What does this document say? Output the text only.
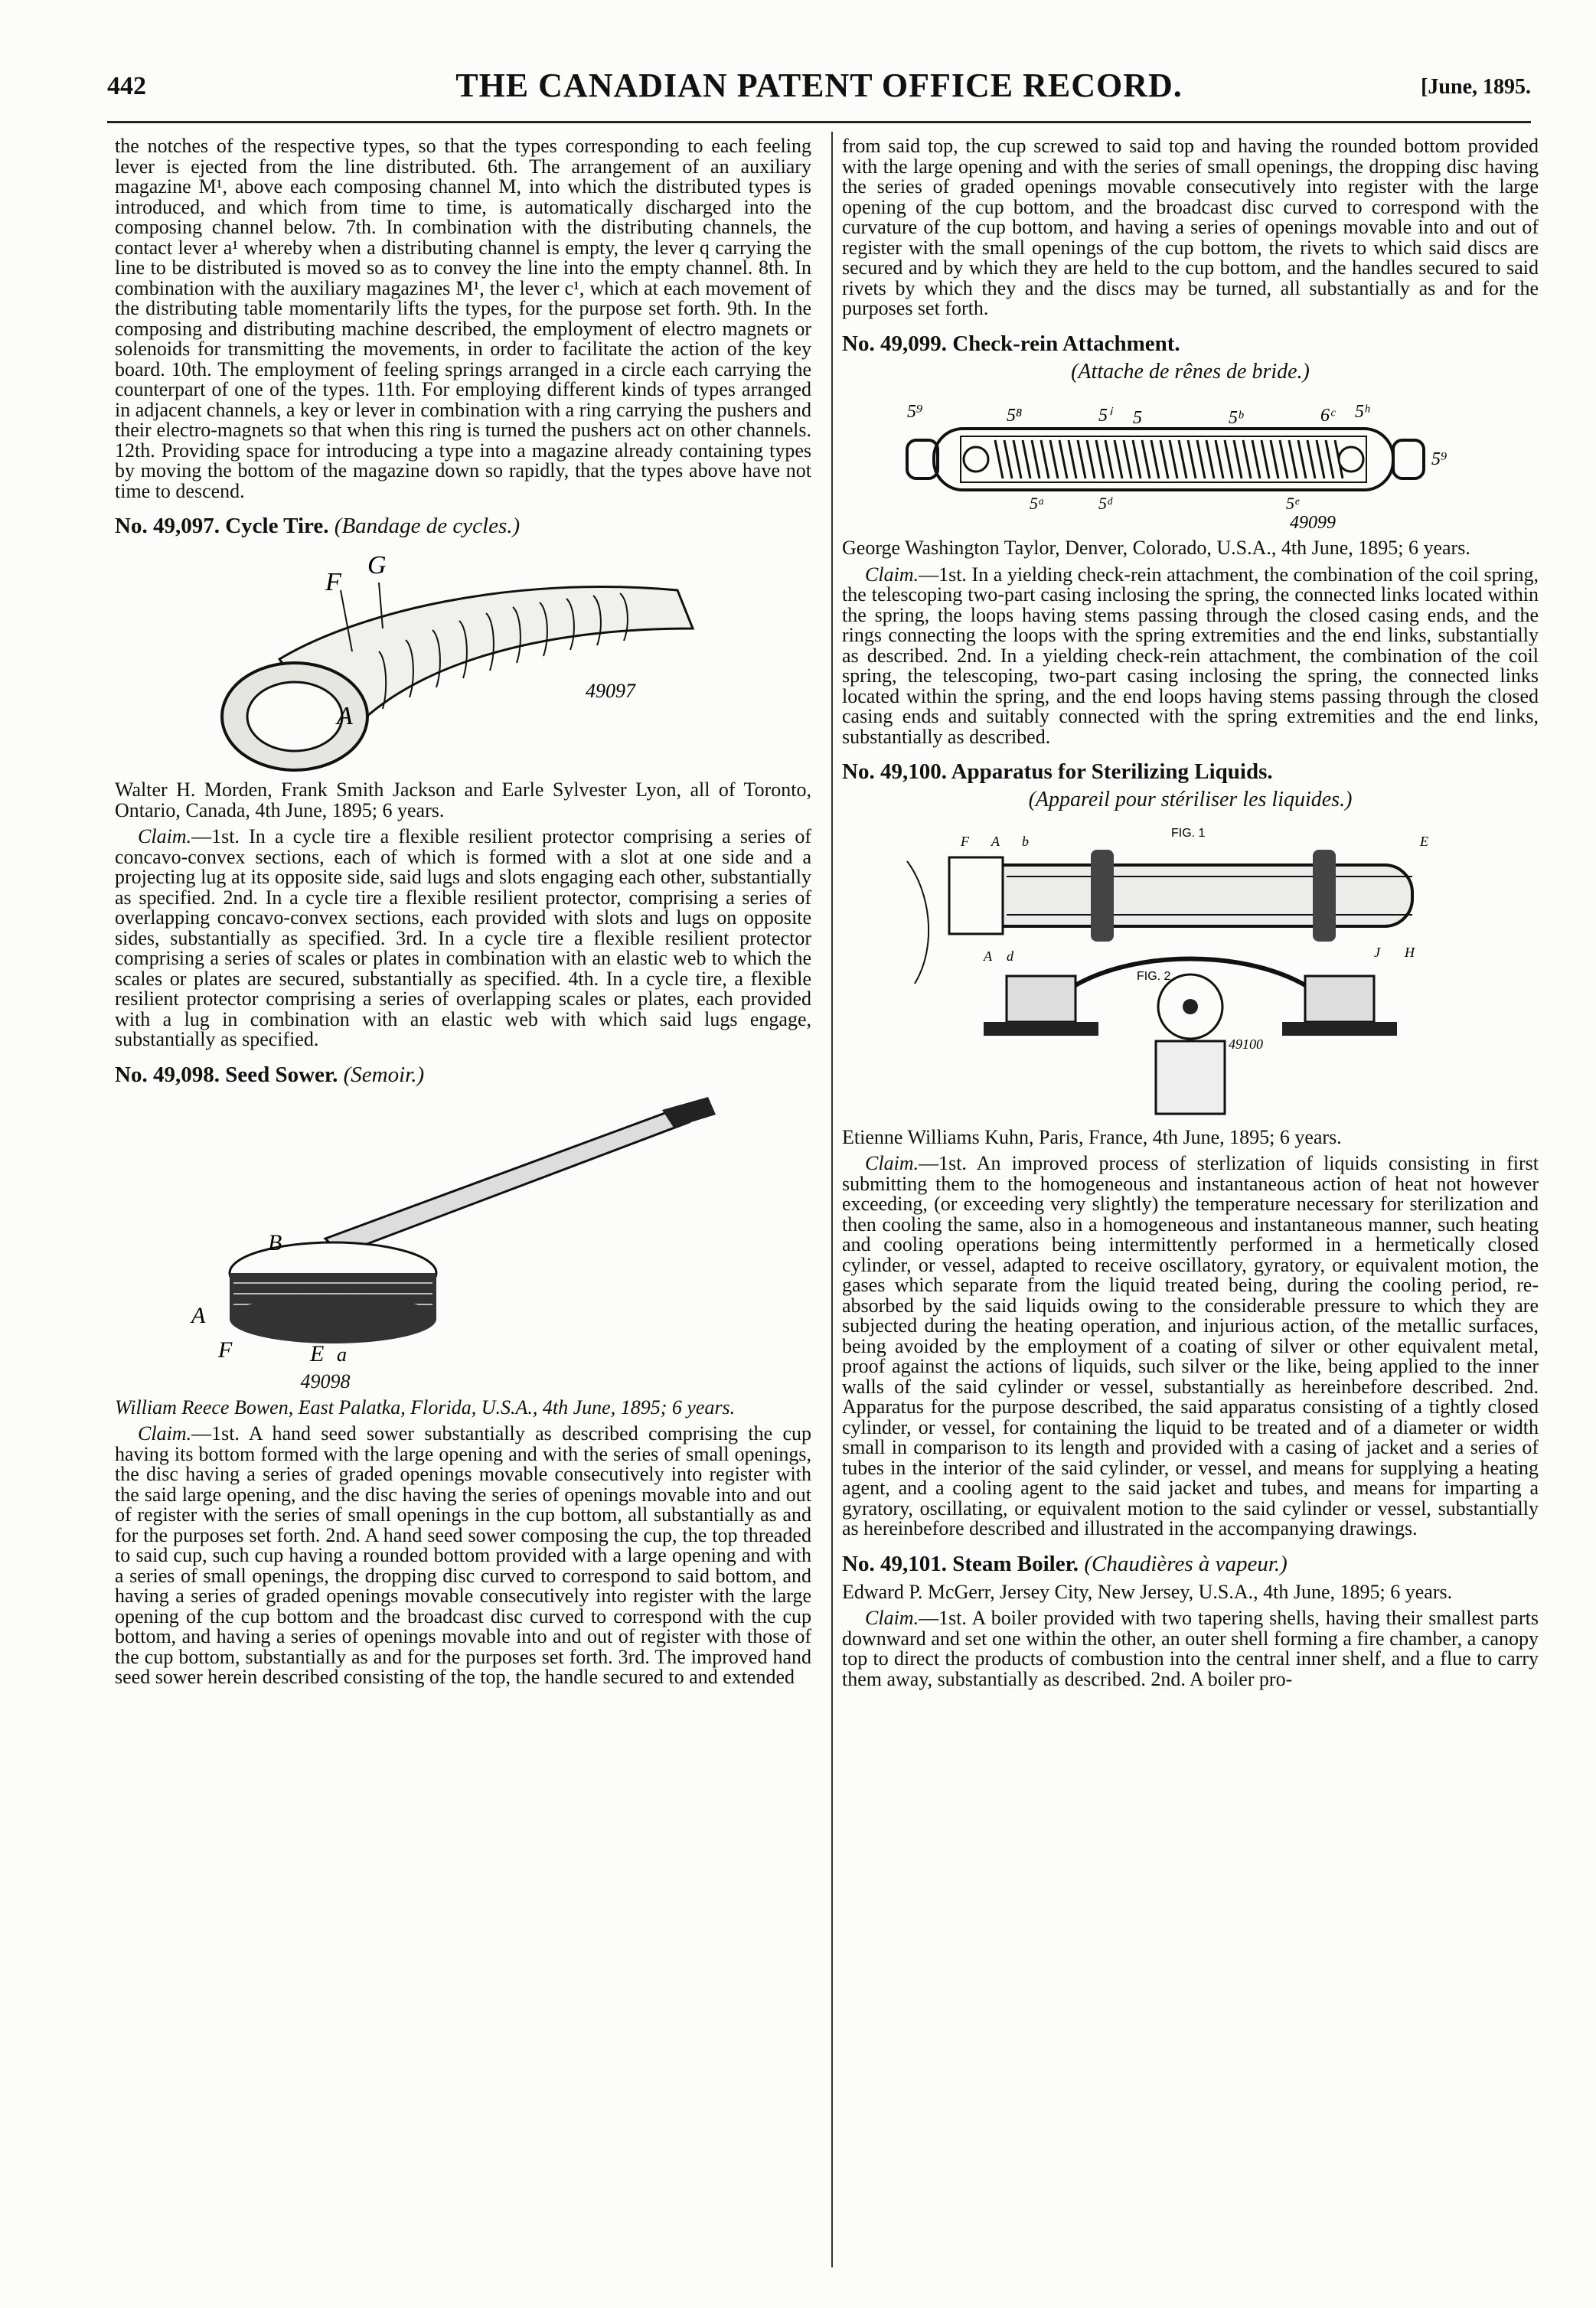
442	THE CANADIAN PATENT OFFICE RECORD.	[June, 1895.

the notches of the respective types, so that the types corresponding to each feeling lever is ejected from the line distributed. 6th. The arrangement of an auxiliary magazine M¹, above each composing channel M, into which the distributed types is introduced, and which from time to time, is automatically discharged into the composing channel below. 7th. In combination with the distributing channels, the contact lever a¹ whereby when a distributing channel is empty, the lever q carrying the line to be distributed is moved so as to convey the line into the empty channel. 8th. In combination with the auxiliary magazines M¹, the lever c¹, which at each movement of the distributing table momentarily lifts the types, for the purpose set forth. 9th. In the composing and distributing machine described, the employment of electro magnets or solenoids for transmitting the movements, in order to facilitate the action of the key board. 10th. The employment of feeling springs arranged in a circle each carrying the counterpart of one of the types. 11th. For employing different kinds of types arranged in adjacent channels, a key or lever in combination with a ring carrying the pushers and their electro-magnets so that when this ring is turned the pushers act on other channels. 12th. Providing space for introducing a type into a magazine already containing types by moving the bottom of the magazine down so rapidly, that the types above have not time to descend.

No. 49,097. Cycle Tire. (Bandage de cycles.)
F
G
A
49097

Walter H. Morden, Frank Smith Jackson and Earle Sylvester Lyon, all of Toronto, Ontario, Canada, 4th June, 1895; 6 years.

Claim.—1st. In a cycle tire a flexible resilient protector comprising a series of concavo-convex sections, each of which is formed with a slot at one side and a projecting lug at its opposite side, said lugs and slots engaging each other, substantially as specified. 2nd. In a cycle tire a flexible resilient protector, comprising a series of overlapping concavo-convex sections, each provided with slots and lugs on opposite sides, substantially as specified. 3rd. In a cycle tire a flexible resilient protector comprising a series of scales or plates in combination with an elastic web to which the scales or plates are secured, substantially as specified. 4th. In a cycle tire, a flexible resilient protector comprising a series of overlapping scales or plates, each provided with a lug in combination with an elastic web with which said lugs engage, substantially as specified.

No. 49,098. Seed Sower. (Semoir.)
B
A
F	E a
49098

William Reece Bowen, East Palatka, Florida, U.S.A., 4th June, 1895; 6 years.

Claim.—1st. A hand seed sower substantially as described comprising the cup having its bottom formed with the large opening and with the series of small openings, the disc having a series of graded openings movable consecutively into register with the said large opening, and the disc having the series of openings movable into and out of register with the series of small openings in the cup bottom, all substantially as and for the purposes set forth. 2nd. A hand seed sower composing the cup, the top threaded to said cup, such cup having a rounded bottom provided with a large opening and with a series of small openings, the dropping disc curved to correspond to said bottom, and having a series of graded openings movable consecutively into register with the large opening of the cup bottom and the broadcast disc curved to correspond with the cup bottom, and having a series of openings movable into and out of register with those of the cup bottom, substantially as and for the purposes set forth. 3rd. The improved hand seed sower herein described consisting of the top, the handle secured to and extended

from said top, the cup screwed to said top and having the rounded bottom provided with the large opening and with the series of small openings, the dropping disc having the series of graded openings movable consecutively into register with the large opening of the cup bottom, and the broadcast disc curved to correspond with the curvature of the cup bottom, and having a series of openings movable into and out of register with the small openings of the cup bottom, the rivets to which said discs are secured and by which they are held to the cup bottom, and the handles secured to said rivets by which they and the discs may be turned, all substantially as and for the purposes set forth.

No. 49,099. Check-rein Attachment.

(Attache de rênes de bride.)

5⁹	5⁸	5ⁱ 5	5ᵇ	6ᶜ 5ʰ
5⁹
5ᵃ	5ᵈ	5ᵉ
49099

George Washington Taylor, Denver, Colorado, U.S.A., 4th June, 1895; 6 years.

Claim.—1st. In a yielding check-rein attachment, the combination of the coil spring, the telescoping two-part casing inclosing the spring, the connected links located within the spring, the loops having stems passing through the closed casing ends, and the rings connecting the loops with the spring extremities and the end links, substantially as described. 2nd. In a yielding check-rein attachment, the combination of the coil spring, the telescoping, two-part casing inclosing the spring, the connected links located within the spring, and the end loops having stems passing through the closed casing ends and suitably connected with the spring extremities and the end links, substantially as described.

No. 49,100. Apparatus for Sterilizing Liquids.

(Appareil pour stériliser les liquides.)

FIG. 1
FIG. 2
F A b	E
A d	J H
49100

Etienne Williams Kuhn, Paris, France, 4th June, 1895; 6 years.

Claim.—1st. An improved process of sterlization of liquids consisting in first submitting them to the homogeneous and instantaneous action of heat not however exceeding, (or exceeding very slightly) the temperature necessary for sterilization and then cooling the same, also in a homogeneous and instantaneous manner, such heating and cooling operations being intermittently performed in a hermetically closed cylinder, or vessel, adapted to receive oscillatory, gyratory, or equivalent motion, the gases which separate from the liquid treated being, during the cooling period, re-absorbed by the said liquids owing to the considerable pressure to which they are subjected during the heating operation, and injurious action, of the metallic surfaces, being avoided by the employment of a coating of silver or other equivalent metal, proof against the actions of liquids, such silver or the like, being applied to the inner walls of the said cylinder or vessel, substantially as hereinbefore described. 2nd. Apparatus for the purpose described, the said apparatus consisting of a tightly closed cylinder, or vessel, for containing the liquid to be treated and of a diameter or width small in comparison to its length and provided with a casing of jacket and a series of tubes in the interior of the said cylinder, or vessel, and means for supplying a heating agent, and a cooling agent to the said jacket and tubes, and means for imparting a gyratory, oscillating, or equivalent motion to the said cylinder or vessel, substantially as hereinbefore described and illustrated in the accompanying drawings.

No. 49,101. Steam Boiler. (Chaudières à vapeur.)

Edward P. McGerr, Jersey City, New Jersey, U.S.A., 4th June, 1895; 6 years.

Claim.—1st. A boiler provided with two tapering shells, having their smallest parts downward and set one within the other, an outer shell forming a fire chamber, a canopy top to direct the products of combustion into the central inner shelf, and a flue to carry them away, substantially as described. 2nd. A boiler pro-
